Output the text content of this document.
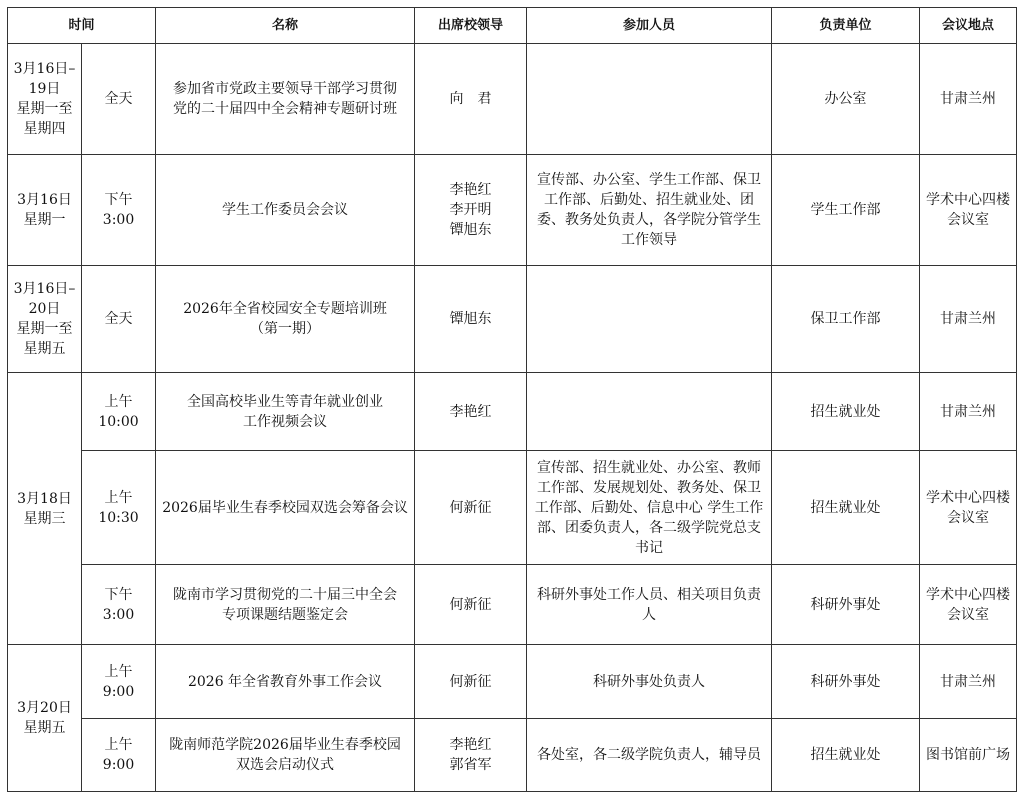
时间		名称	出席校领导	参加人员	负责单位	会议地点
3月16日–
19日
星期一至
星期四	全天	参加省市党政主要领导干部学习贯彻
党的二十届四中全会精神专题研讨班	向　君		办公室	甘肃兰州
3月16日
星期一	下午
3:00	学生工作委员会会议	李艳红
李开明
镡旭东	宣传部、办公室、学生工作部、保卫
工作部、后勤处、招生就业处、团
委、教务处负责人，各学院分管学生
工作领导	学生工作部	学术中心四楼
会议室
3月16日–
20日
星期一至
星期五	全天	2026年全省校园安全专题培训班
（第一期）	镡旭东		保卫工作部	甘肃兰州
3月18日
星期三	上午
10:00	全国高校毕业生等青年就业创业
工作视频会议	李艳红		招生就业处	甘肃兰州
	上午
10:30	2026届毕业生春季校园双选会筹备会议	何新征	宣传部、招生就业处、办公室、教师
工作部、发展规划处、教务处、保卫
工作部、后勤处、信息中心 学生工作
部、团委负责人，各二级学院党总支
书记	招生就业处	学术中心四楼
会议室
	下午
3:00	陇南市学习贯彻党的二十届三中全会
专项课题结题鉴定会	何新征	科研外事处工作人员、相关项目负责
人	科研外事处	学术中心四楼
会议室
3月20日
星期五	上午
9:00	2026 年全省教育外事工作会议	何新征	科研外事处负责人	科研外事处	甘肃兰州
	上午
9:00	陇南师范学院2026届毕业生春季校园
双选会启动仪式	李艳红
郭省军	各处室，各二级学院负责人，辅导员	招生就业处	图书馆前广场
